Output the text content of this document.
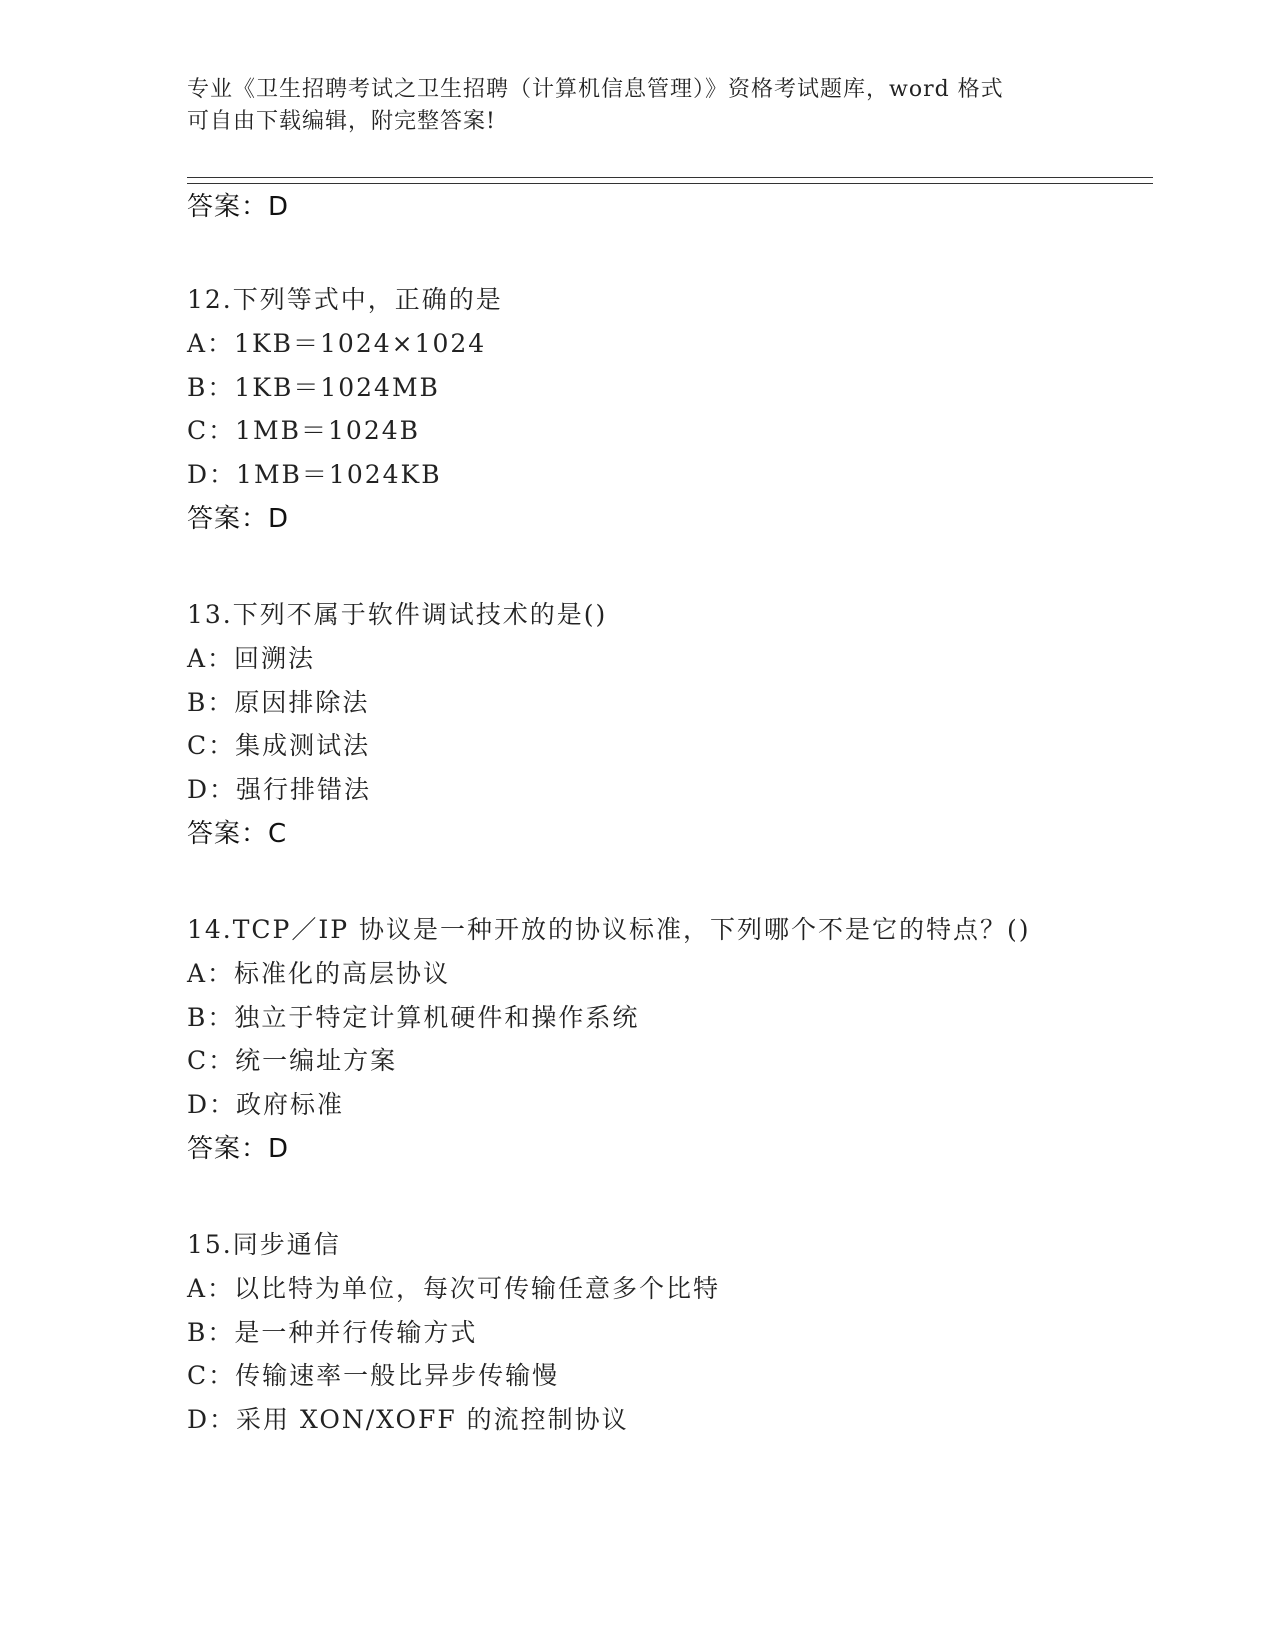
专业《卫生招聘考试之卫生招聘（计算机信息管理）》资格考试题库，word 格式
可自由下载编辑，附完整答案!
答案：D
12.下列等式中，正确的是
A：1KB＝1024×1024
B：1KB＝1024MB
C：1MB＝1024B
D：1MB＝1024KB
答案：D
13.下列不属于软件调试技术的是()
A：回溯法
B：原因排除法
C：集成测试法
D：强行排错法
答案：C
14.TCP／IP 协议是一种开放的协议标准，下列哪个不是它的特点？()
A：标准化的高层协议
B：独立于特定计算机硬件和操作系统
C：统一编址方案
D：政府标准
答案：D
15.同步通信
A：以比特为单位，每次可传输任意多个比特
B：是一种并行传输方式
C：传输速率一般比异步传输慢
D：采用 XON/XOFF 的流控制协议
